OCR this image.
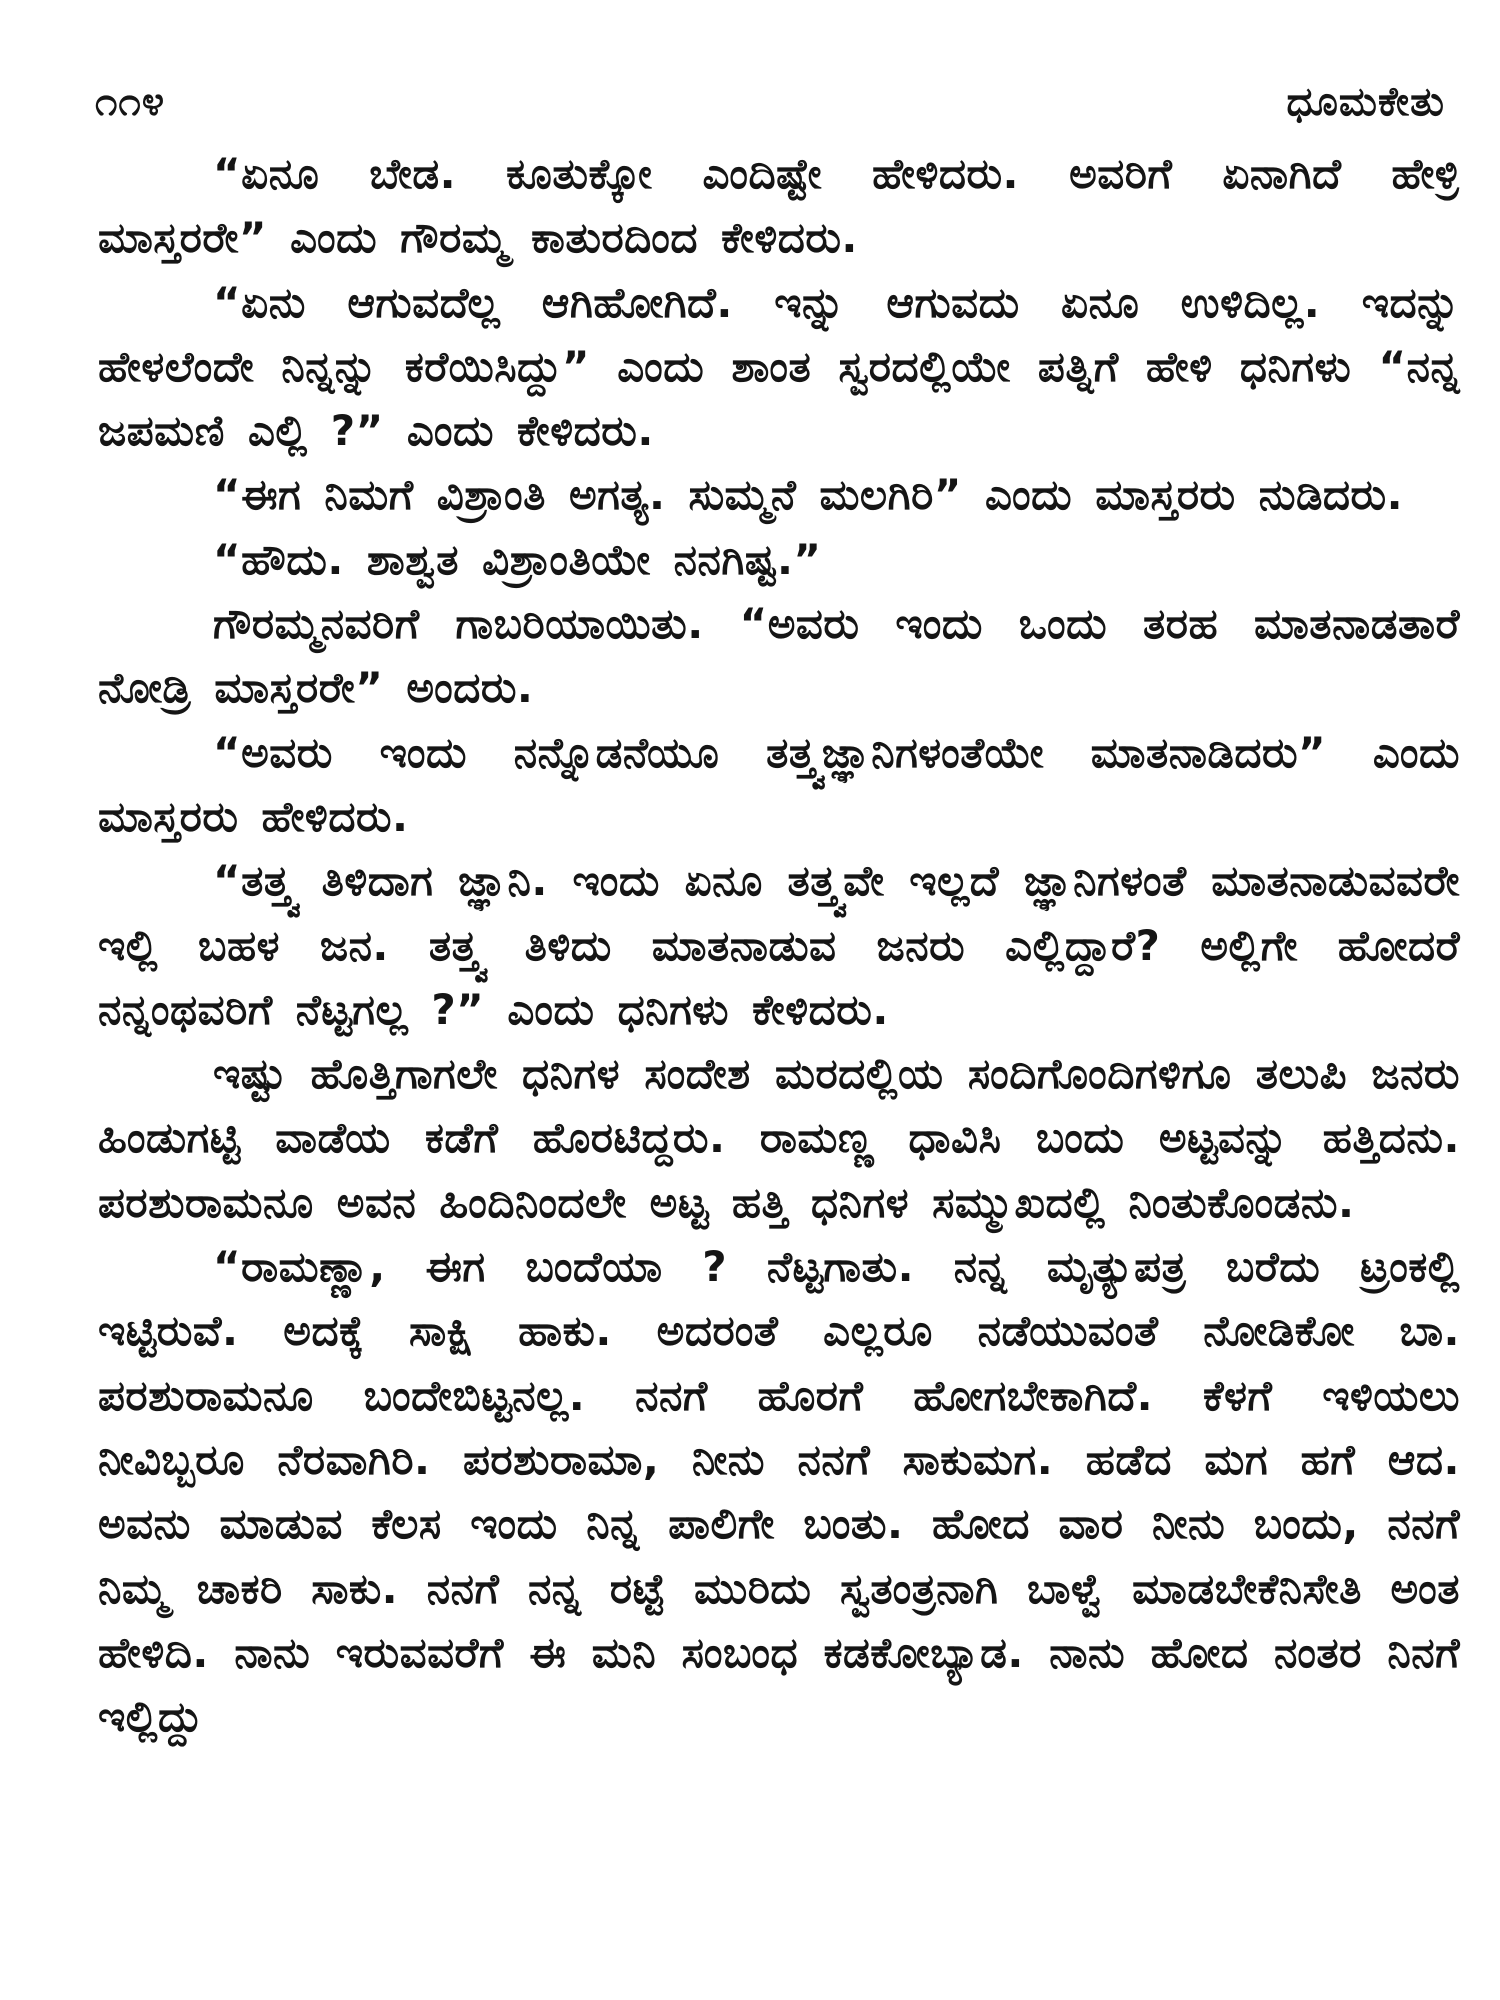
೧೧೪	ಧೂಮಕೇತು

“ಏನೂ ಬೇಡ. ಕೂತುಕ್ಕೋ ಎಂದಿಷ್ಟೇ ಹೇಳಿದರು. ಅವರಿಗೆ ಏನಾಗಿದೆ ಹೇಳ್ರಿ ಮಾಸ್ತರರೇ” ಎಂದು ಗೌರಮ್ಮ ಕಾತುರದಿಂದ ಕೇಳಿದರು.

“ಏನು ಆಗುವದೆಲ್ಲ ಆಗಿಹೋಗಿದೆ. ಇನ್ನು ಆಗುವದು ಏನೂ ಉಳಿದಿಲ್ಲ. ಇದನ್ನು ಹೇಳಲೆಂದೇ ನಿನ್ನನ್ನು ಕರೆಯಿಸಿದ್ದು” ಎಂದು ಶಾಂತ ಸ್ವರದಲ್ಲಿಯೇ ಪತ್ನಿಗೆ ಹೇಳಿ ಧನಿಗಳು “ನನ್ನ ಜಪಮಣಿ ಎಲ್ಲಿ ?” ಎಂದು ಕೇಳಿದರು.

“ಈಗ ನಿಮಗೆ ವಿಶ್ರಾಂತಿ ಅಗತ್ಯ. ಸುಮ್ಮನೆ ಮಲಗಿರಿ” ಎಂದು ಮಾಸ್ತರರು ನುಡಿದರು.

“ಹೌದು. ಶಾಶ್ವತ ವಿಶ್ರಾಂತಿಯೇ ನನಗಿಷ್ಟ.”

ಗೌರಮ್ಮನವರಿಗೆ ಗಾಬರಿಯಾಯಿತು. “ಅವರು ಇಂದು ಒಂದು ತರಹ ಮಾತನಾಡತಾರೆ ನೋಡ್ರಿ ಮಾಸ್ತರರೇ” ಅಂದರು.

“ಅವರು ಇಂದು ನನ್ನೊಡನೆಯೂ ತತ್ತ್ವಜ್ಞಾನಿಗಳಂತೆಯೇ ಮಾತನಾಡಿದರು” ಎಂದು ಮಾಸ್ತರರು ಹೇಳಿದರು.

“ತತ್ತ್ವ ತಿಳಿದಾಗ ಜ್ಞಾನಿ. ಇಂದು ಏನೂ ತತ್ತ್ವವೇ ಇಲ್ಲದೆ ಜ್ಞಾನಿಗಳಂತೆ ಮಾತನಾಡುವವರೇ ಇಲ್ಲಿ ಬಹಳ ಜನ. ತತ್ತ್ವ ತಿಳಿದು ಮಾತನಾಡುವ ಜನರು ಎಲ್ಲಿದ್ದಾರೆ? ಅಲ್ಲಿಗೇ ಹೋದರೆ ನನ್ನಂಥವರಿಗೆ ನೆಟ್ಟಗಲ್ಲ ?” ಎಂದು ಧನಿಗಳು ಕೇಳಿದರು.

ಇಷ್ಟು ಹೊತ್ತಿಗಾಗಲೇ ಧನಿಗಳ ಸಂದೇಶ ಮರದಲ್ಲಿಯ ಸಂದಿಗೊಂದಿಗಳಿಗೂ ತಲುಪಿ ಜನರು ಹಿಂಡುಗಟ್ಟಿ ವಾಡೆಯ ಕಡೆಗೆ ಹೊರಟಿದ್ದರು. ರಾಮಣ್ಣ ಧಾವಿಸಿ ಬಂದು ಅಟ್ಟವನ್ನು ಹತ್ತಿದನು. ಪರಶುರಾಮನೂ ಅವನ ಹಿಂದಿನಿಂದಲೇ ಅಟ್ಟ ಹತ್ತಿ ಧನಿಗಳ ಸಮ್ಮುಖದಲ್ಲಿ ನಿಂತುಕೊಂಡನು.

“ರಾಮಣ್ಣಾ, ಈಗ ಬಂದೆಯಾ ? ನೆಟ್ಟಗಾತು. ನನ್ನ ಮೃತ್ಯುಪತ್ರ ಬರೆದು ಟ್ರಂಕಲ್ಲಿ ಇಟ್ಟಿರುವೆ. ಅದಕ್ಕೆ ಸಾಕ್ಷಿ ಹಾಕು. ಅದರಂತೆ ಎಲ್ಲರೂ ನಡೆಯುವಂತೆ ನೋಡಿಕೋ ಬಾ. ಪರಶುರಾಮನೂ ಬಂದೇಬಿಟ್ಟನಲ್ಲ. ನನಗೆ ಹೊರಗೆ ಹೋಗಬೇಕಾಗಿದೆ. ಕೆಳಗೆ ಇಳಿಯಲು ನೀವಿಬ್ಬರೂ ನೆರವಾಗಿರಿ. ಪರಶುರಾಮಾ, ನೀನು ನನಗೆ ಸಾಕುಮಗ. ಹಡೆದ ಮಗ ಹಗೆ ಆದ. ಅವನು ಮಾಡುವ ಕೆಲಸ ಇಂದು ನಿನ್ನ ಪಾಲಿಗೇ ಬಂತು. ಹೋದ ವಾರ ನೀನು ಬಂದು, ನನಗೆ ನಿಮ್ಮ ಚಾಕರಿ ಸಾಕು. ನನಗೆ ನನ್ನ ರಟ್ಟೆ ಮುರಿದು ಸ್ವತಂತ್ರನಾಗಿ ಬಾಳ್ವೆ ಮಾಡಬೇಕೆನಿಸೇತಿ ಅಂತ ಹೇಳಿದಿ. ನಾನು ಇರುವವರೆಗೆ ಈ ಮನಿ ಸಂಬಂಧ ಕಡಕೋಬ್ಯಾಡ. ನಾನು ಹೋದ ನಂತರ ನಿನಗೆ ಇಲ್ಲಿದ್ದು
